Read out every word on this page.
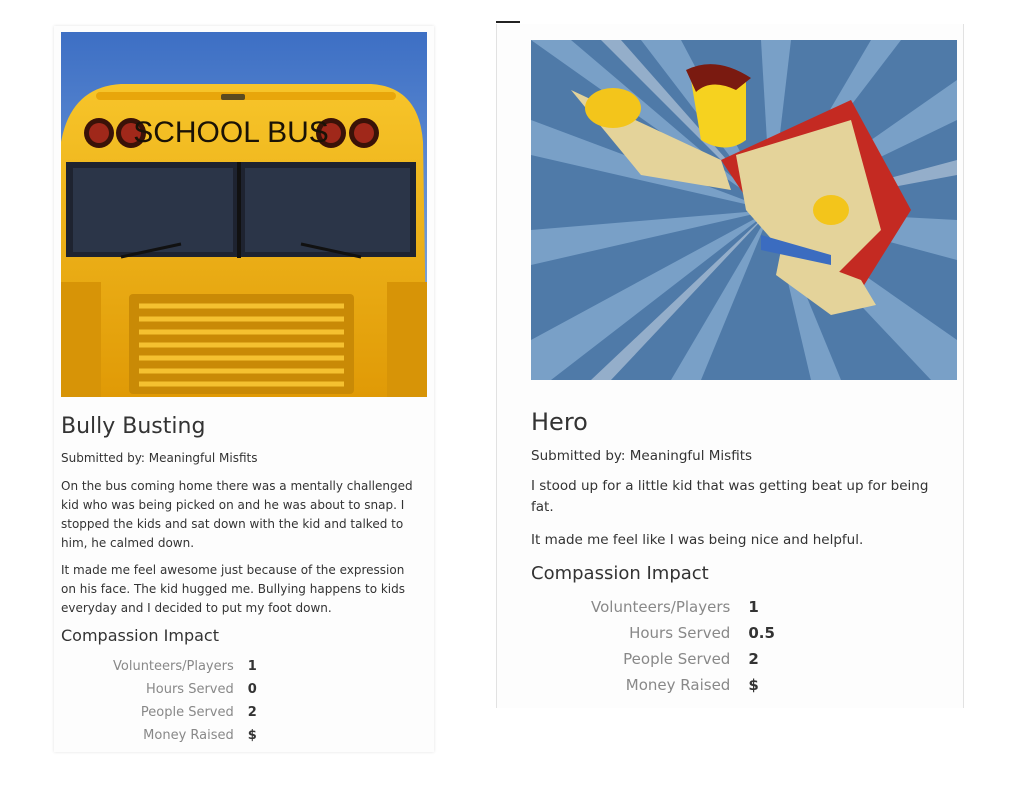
SCHOOL BUS
Bully Busting
Submitted by: Meaningful Misfits

On the bus coming home there was a mentally challenged kid who was being picked on and he was about to snap. I stopped the kids and sat down with the kid and talked to him, he calmed down.

It made me feel awesome just because of the expression on his face. The kid hugged me. Bullying happens to kids everyday and I decided to put my foot down.

Compassion Impact
Volunteers/Players	1
Hours Served	0
People Served	2
Money Raised	$
Hero
Submitted by: Meaningful Misfits

I stood up for a little kid that was getting beat up for being fat.

It made me feel like I was being nice and helpful.

Compassion Impact
Volunteers/Players	1
Hours Served	0.5
People Served	2
Money Raised	$
